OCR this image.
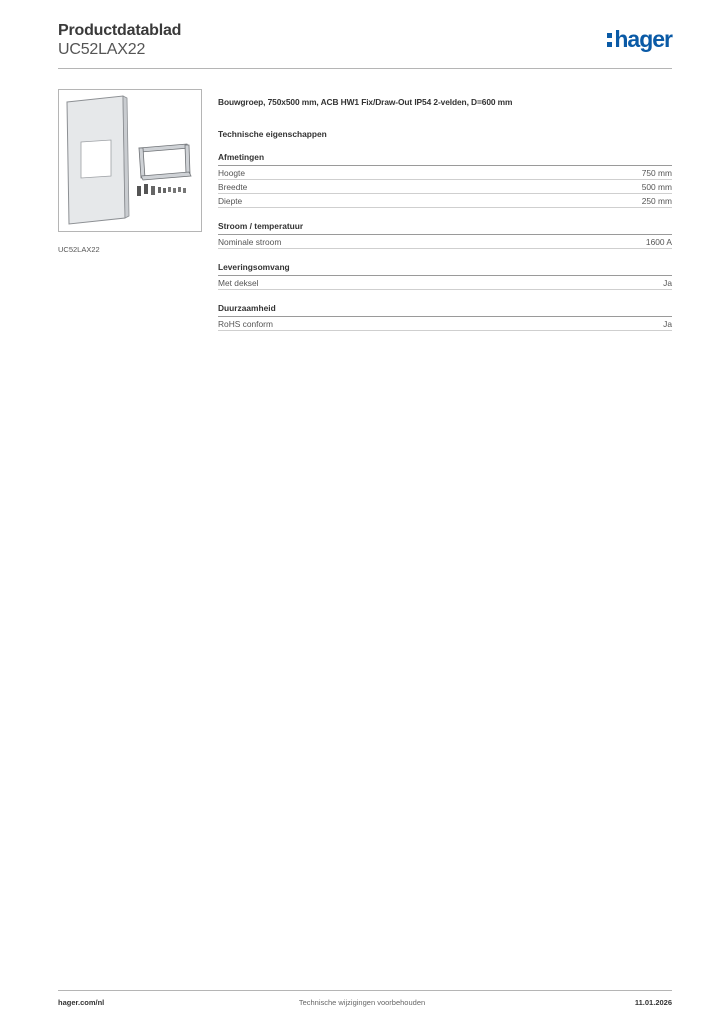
Productdatablad
UC52LAX22	hager
UC52LAX22
Bouwgroep, 750x500 mm, ACB HW1 Fix/Draw-Out IP54 2-velden, D=600 mm
Technische eigenschappen
Afmetingen
Hoogte	750 mm
Breedte	500 mm
Diepte	250 mm
Stroom / temperatuur
Nominale stroom	1600 A
Leveringsomvang
Met deksel	Ja
Duurzaamheid
RoHS conform	Ja
hager.com/nl	Technische wijzigingen voorbehouden	11.01.2026
